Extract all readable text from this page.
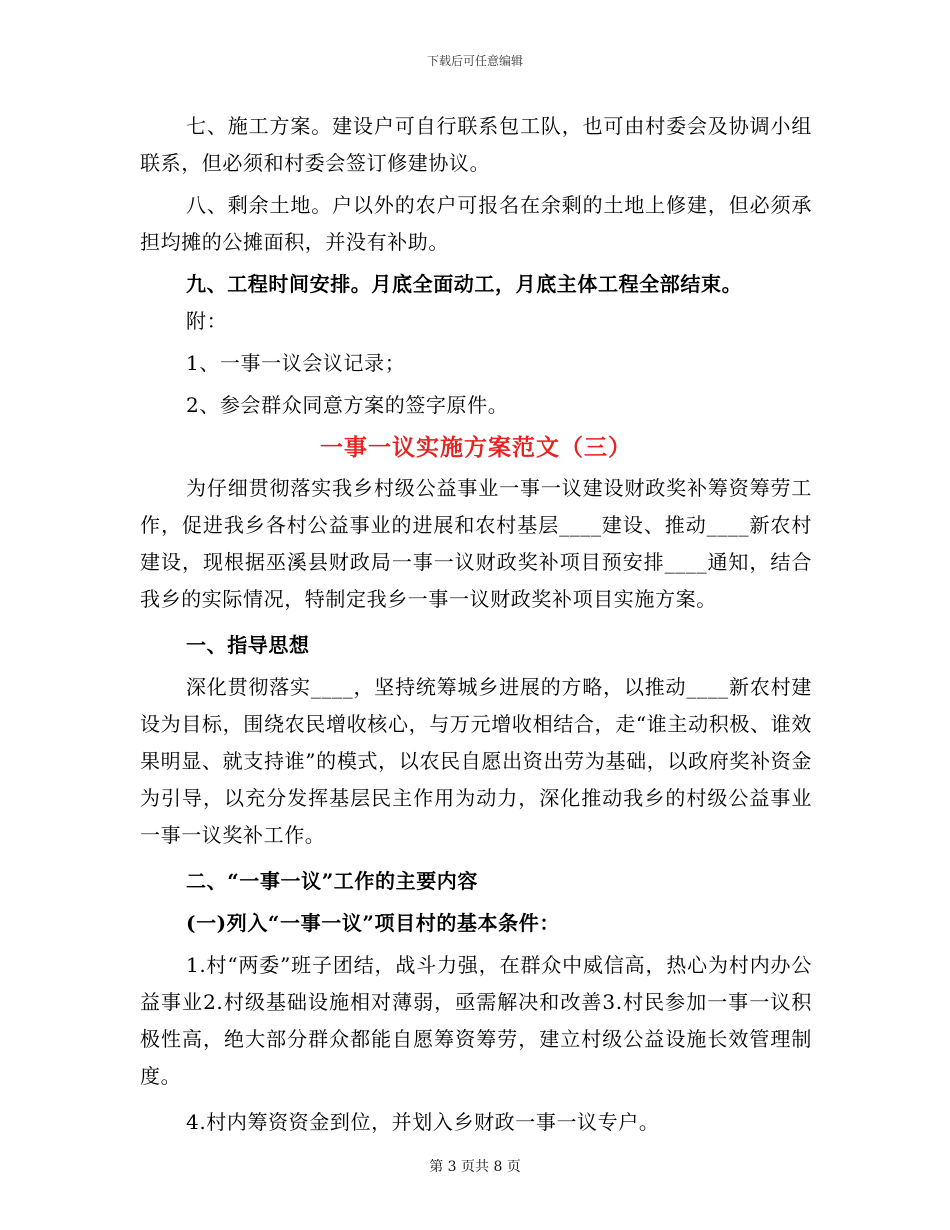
下载后可任意编辑

七、施工方案。建设户可自行联系包工队，也可由村委会及协调小组联系，但必须和村委会签订修建协议。

八、剩余土地。户以外的农户可报名在余剩的土地上修建，但必须承担均摊的公摊面积，并没有补助。

九、工程时间安排。月底全面动工，月底主体工程全部结束。

附：

1、一事一议会议记录；

2、参会群众同意方案的签字原件。

一事一议实施方案范文（三）

为仔细贯彻落实我乡村级公益事业一事一议建设财政奖补筹资筹劳工作，促进我乡各村公益事业的进展和农村基层____建设、推动____新农村建设，现根据巫溪县财政局一事一议财政奖补项目预安排____通知，结合我乡的实际情况，特制定我乡一事一议财政奖补项目实施方案。

一、指导思想

深化贯彻落实____，坚持统筹城乡进展的方略，以推动____新农村建设为目标，围绕农民增收核心，与万元增收相结合，走“谁主动积极、谁效果明显、就支持谁”的模式，以农民自愿出资出劳为基础，以政府奖补资金为引导，以充分发挥基层民主作用为动力，深化推动我乡的村级公益事业一事一议奖补工作。

二、“一事一议”工作的主要内容

(一)列入“一事一议”项目村的基本条件：

1.村“两委”班子团结，战斗力强，在群众中威信高，热心为村内办公益事业2.村级基础设施相对薄弱，亟需解决和改善3.村民参加一事一议积极性高，绝大部分群众都能自愿筹资筹劳，建立村级公益设施长效管理制度。

4.村内筹资资金到位，并划入乡财政一事一议专户。

第 3 页共 8 页
